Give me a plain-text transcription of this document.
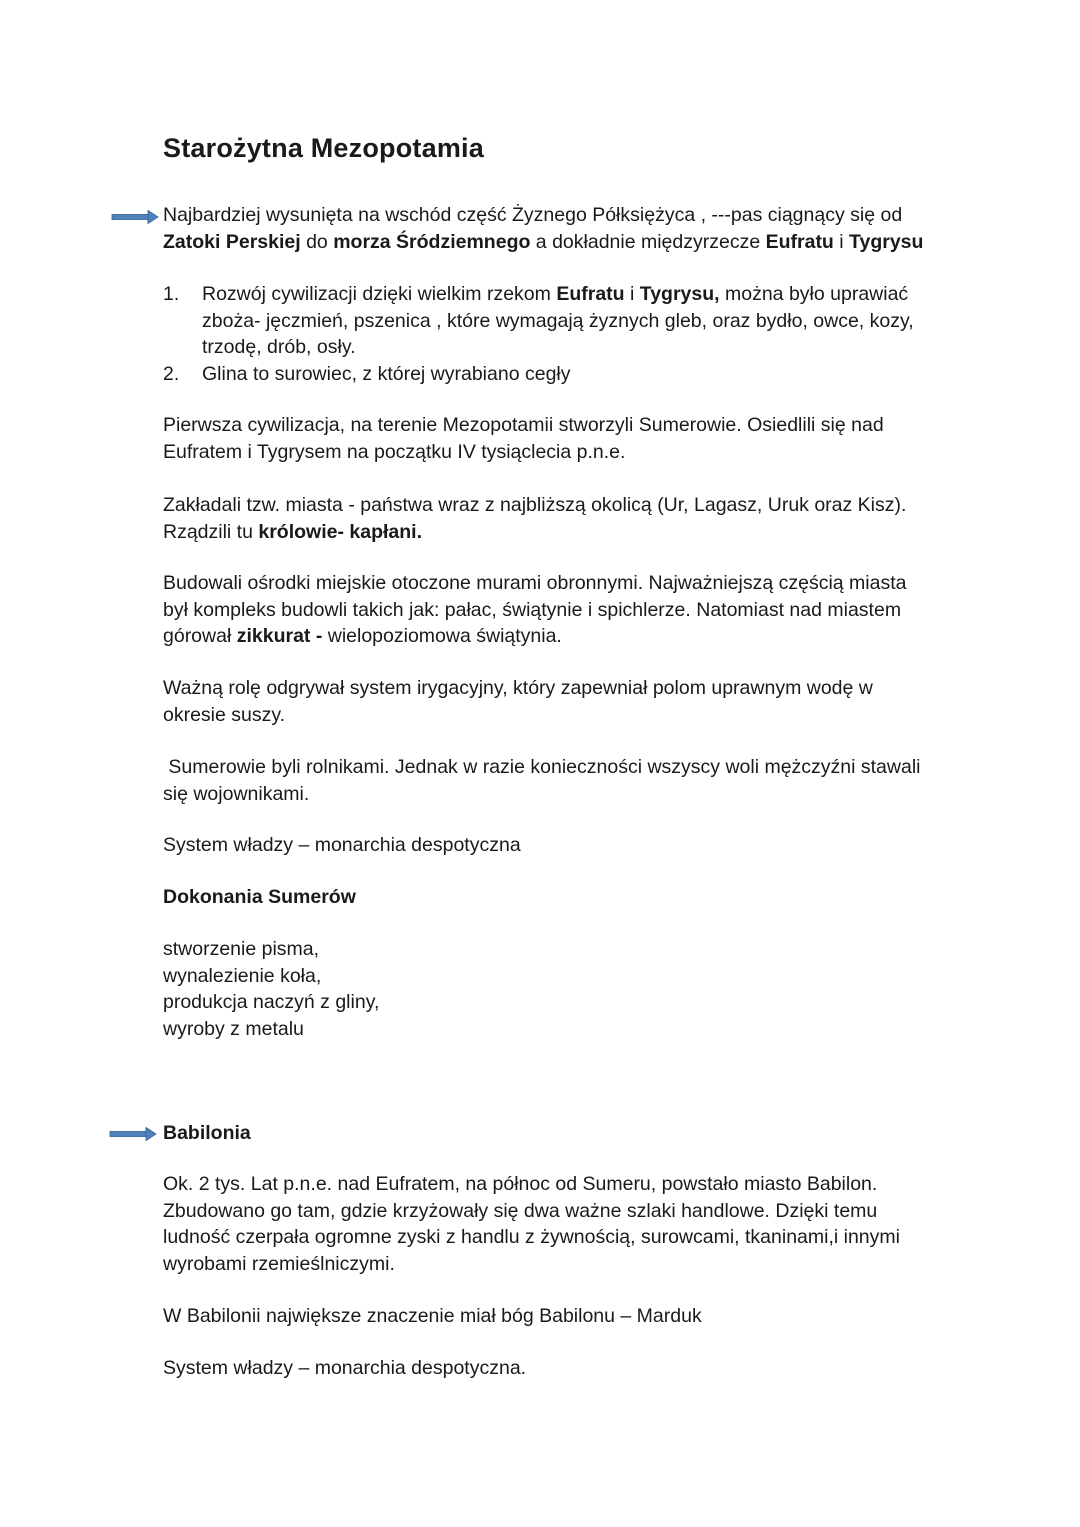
Starożytna Mezopotamia

Najbardziej wysunięta na wschód część Żyznego Półksiężyca , ---pas ciągnący się od
Zatoki Perskiej do morza Śródziemnego a dokładnie międzyrzecze Eufratu i Tygrysu

1. Rozwój cywilizacji dzięki wielkim rzekom Eufratu i Tygrysu, można było uprawiać zboża- jęczmień, pszenica , które wymagają żyznych gleb, oraz bydło, owce, kozy, trzodę, drób, osły.
2. Glina to surowiec, z której wyrabiano cegły

Pierwsza cywilizacja, na terenie Mezopotamii stworzyli Sumerowie. Osiedlili się nad Eufratem i Tygrysem na początku IV tysiąclecia p.n.e.

Zakładali tzw. miasta - państwa wraz z najbliższą okolicą (Ur, Lagasz, Uruk oraz Kisz). Rządzili tu królowie- kapłani.

Budowali ośrodki miejskie otoczone murami obronnymi. Najważniejszą częścią miasta był kompleks budowli takich jak: pałac, świątynie i spichlerze. Natomiast nad miastem górował zikkurat - wielopoziomowa świątynia.

Ważną rolę odgrywał system irygacyjny, który zapewniał polom uprawnym wodę w okresie suszy.

Sumerowie byli rolnikami. Jednak w razie konieczności wszyscy woli mężczyźni stawali się wojownikami.

System władzy – monarchia despotyczna

Dokonania Sumerów

stworzenie pisma,
wynalezienie koła,
produkcja naczyń z gliny,
wyroby z metalu

Babilonia

Ok. 2 tys. Lat p.n.e. nad Eufratem, na północ od Sumeru, powstało miasto Babilon. Zbudowano go tam, gdzie krzyżowały się dwa ważne szlaki handlowe. Dzięki temu ludność czerpała ogromne zyski z handlu z żywnością, surowcami, tkaninami,i innymi wyrobami rzemieślniczymi.

W Babilonii największe znaczenie miał bóg Babilonu – Marduk

System władzy – monarchia despotyczna.
